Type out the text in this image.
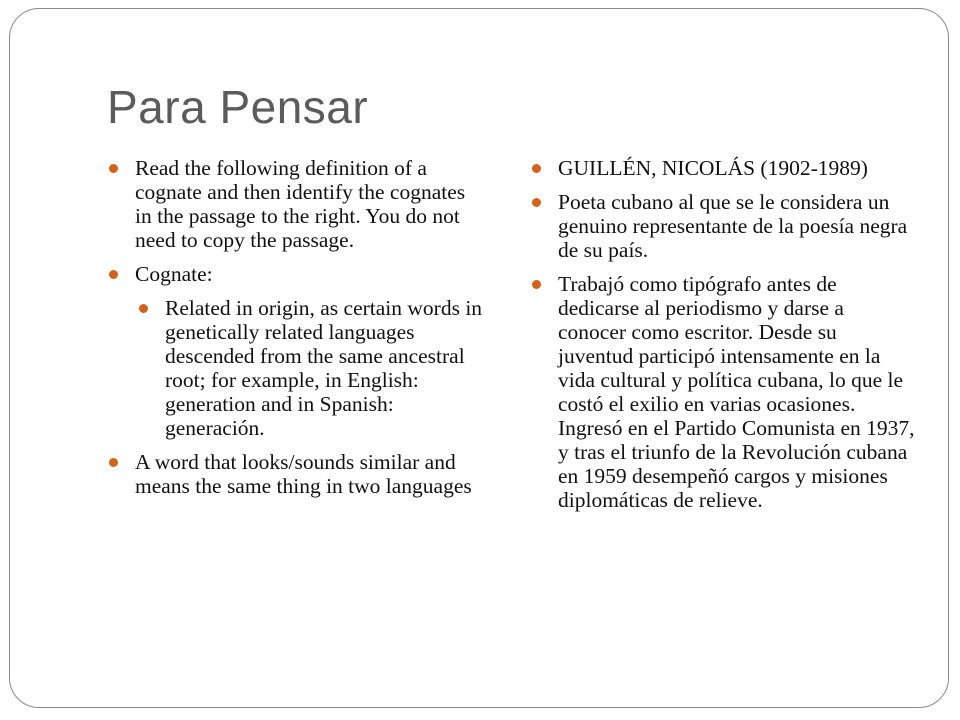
Para Pensar
Read the following definition of a cognate and then identify the cognates in the passage to the right. You do not need to copy the passage.
Cognate:
Related in origin, as certain words in genetically related languages descended from the same ancestral root; for example, in English: generation and in Spanish: generación.
A word that looks/sounds similar and means the same thing in two languages
GUILLÉN, NICOLÁS (1902-1989)
Poeta cubano al que se le considera un genuino representante de la poesía negra de su país.
Trabajó como tipógrafo antes de dedicarse al periodismo y darse a conocer como escritor. Desde su juventud participó intensamente en la vida cultural y política cubana, lo que le costó el exilio en varias ocasiones. Ingresó en el Partido Comunista en 1937, y tras el triunfo de la Revolución cubana en 1959 desempeñó cargos y misiones diplomáticas de relieve.
